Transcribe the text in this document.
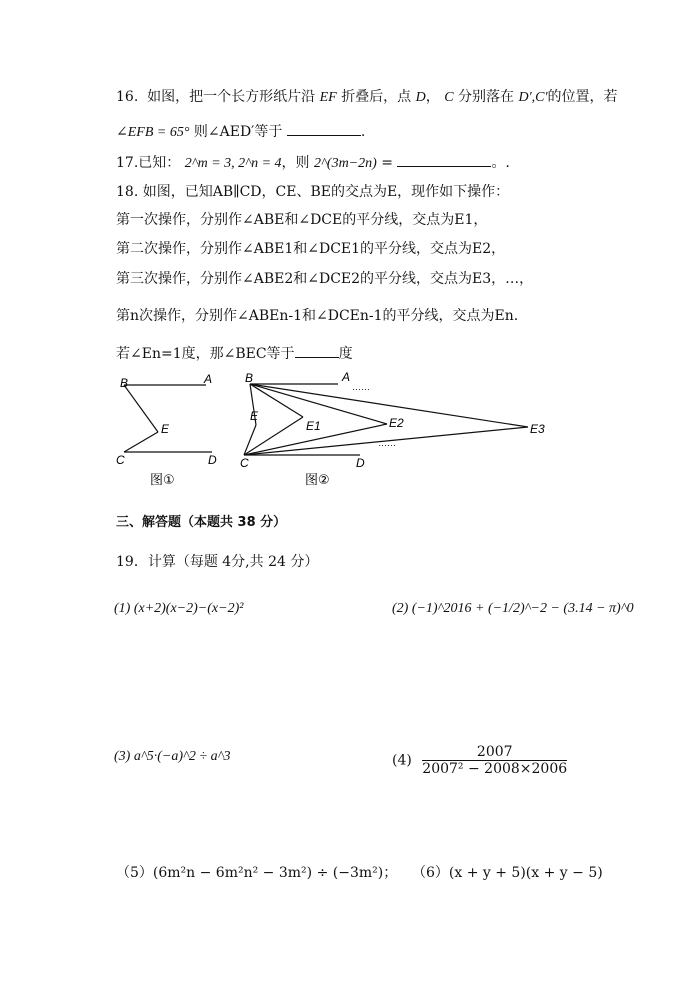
16. 如图，把一个长方形纸片沿 EF 折叠后，点 D， C 分别落在 D′,C′的位置，若
∠EFB = 65° 则∠AED′等于	.
17.已知： 2^m = 3, 2^n = 4，则 2^(3m−2n) =	。.
18. 如图，已知AB∥CD，CE、BE的交点为E，现作如下操作：
第一次操作，分别作∠ABE和∠DCE的平分线，交点为E1，
第二次操作，分别作∠ABE1和∠DCE1的平分线，交点为E2，
第三次操作，分别作∠ABE2和∠DCE2的平分线，交点为E3，…，
第n次操作，分别作∠ABEn-1和∠DCEn-1的平分线，交点为En.
若∠En=1度，那∠BEC等于	度
B	A
E
C	D
图①
……
……
B	A
E
E1	E2	E3
C	D
图②
三、解答题（本题共 38 分）
19．计算（每题 4分,共 24 分）
(1) (x+2)(x−2)−(x−2)²	(2) (−1)^2016 + (−1/2)^−2 − (3.14 − π)^0
(3) a^5·(−a)^2 ÷ a^3	$(4) \frac{2007}{\text{2007² − 2008×2006}}$
（5）(6m²n − 6m²n² − 3m²) ÷ (−3m²)； （6）(x + y + 5)(x + y − 5)
